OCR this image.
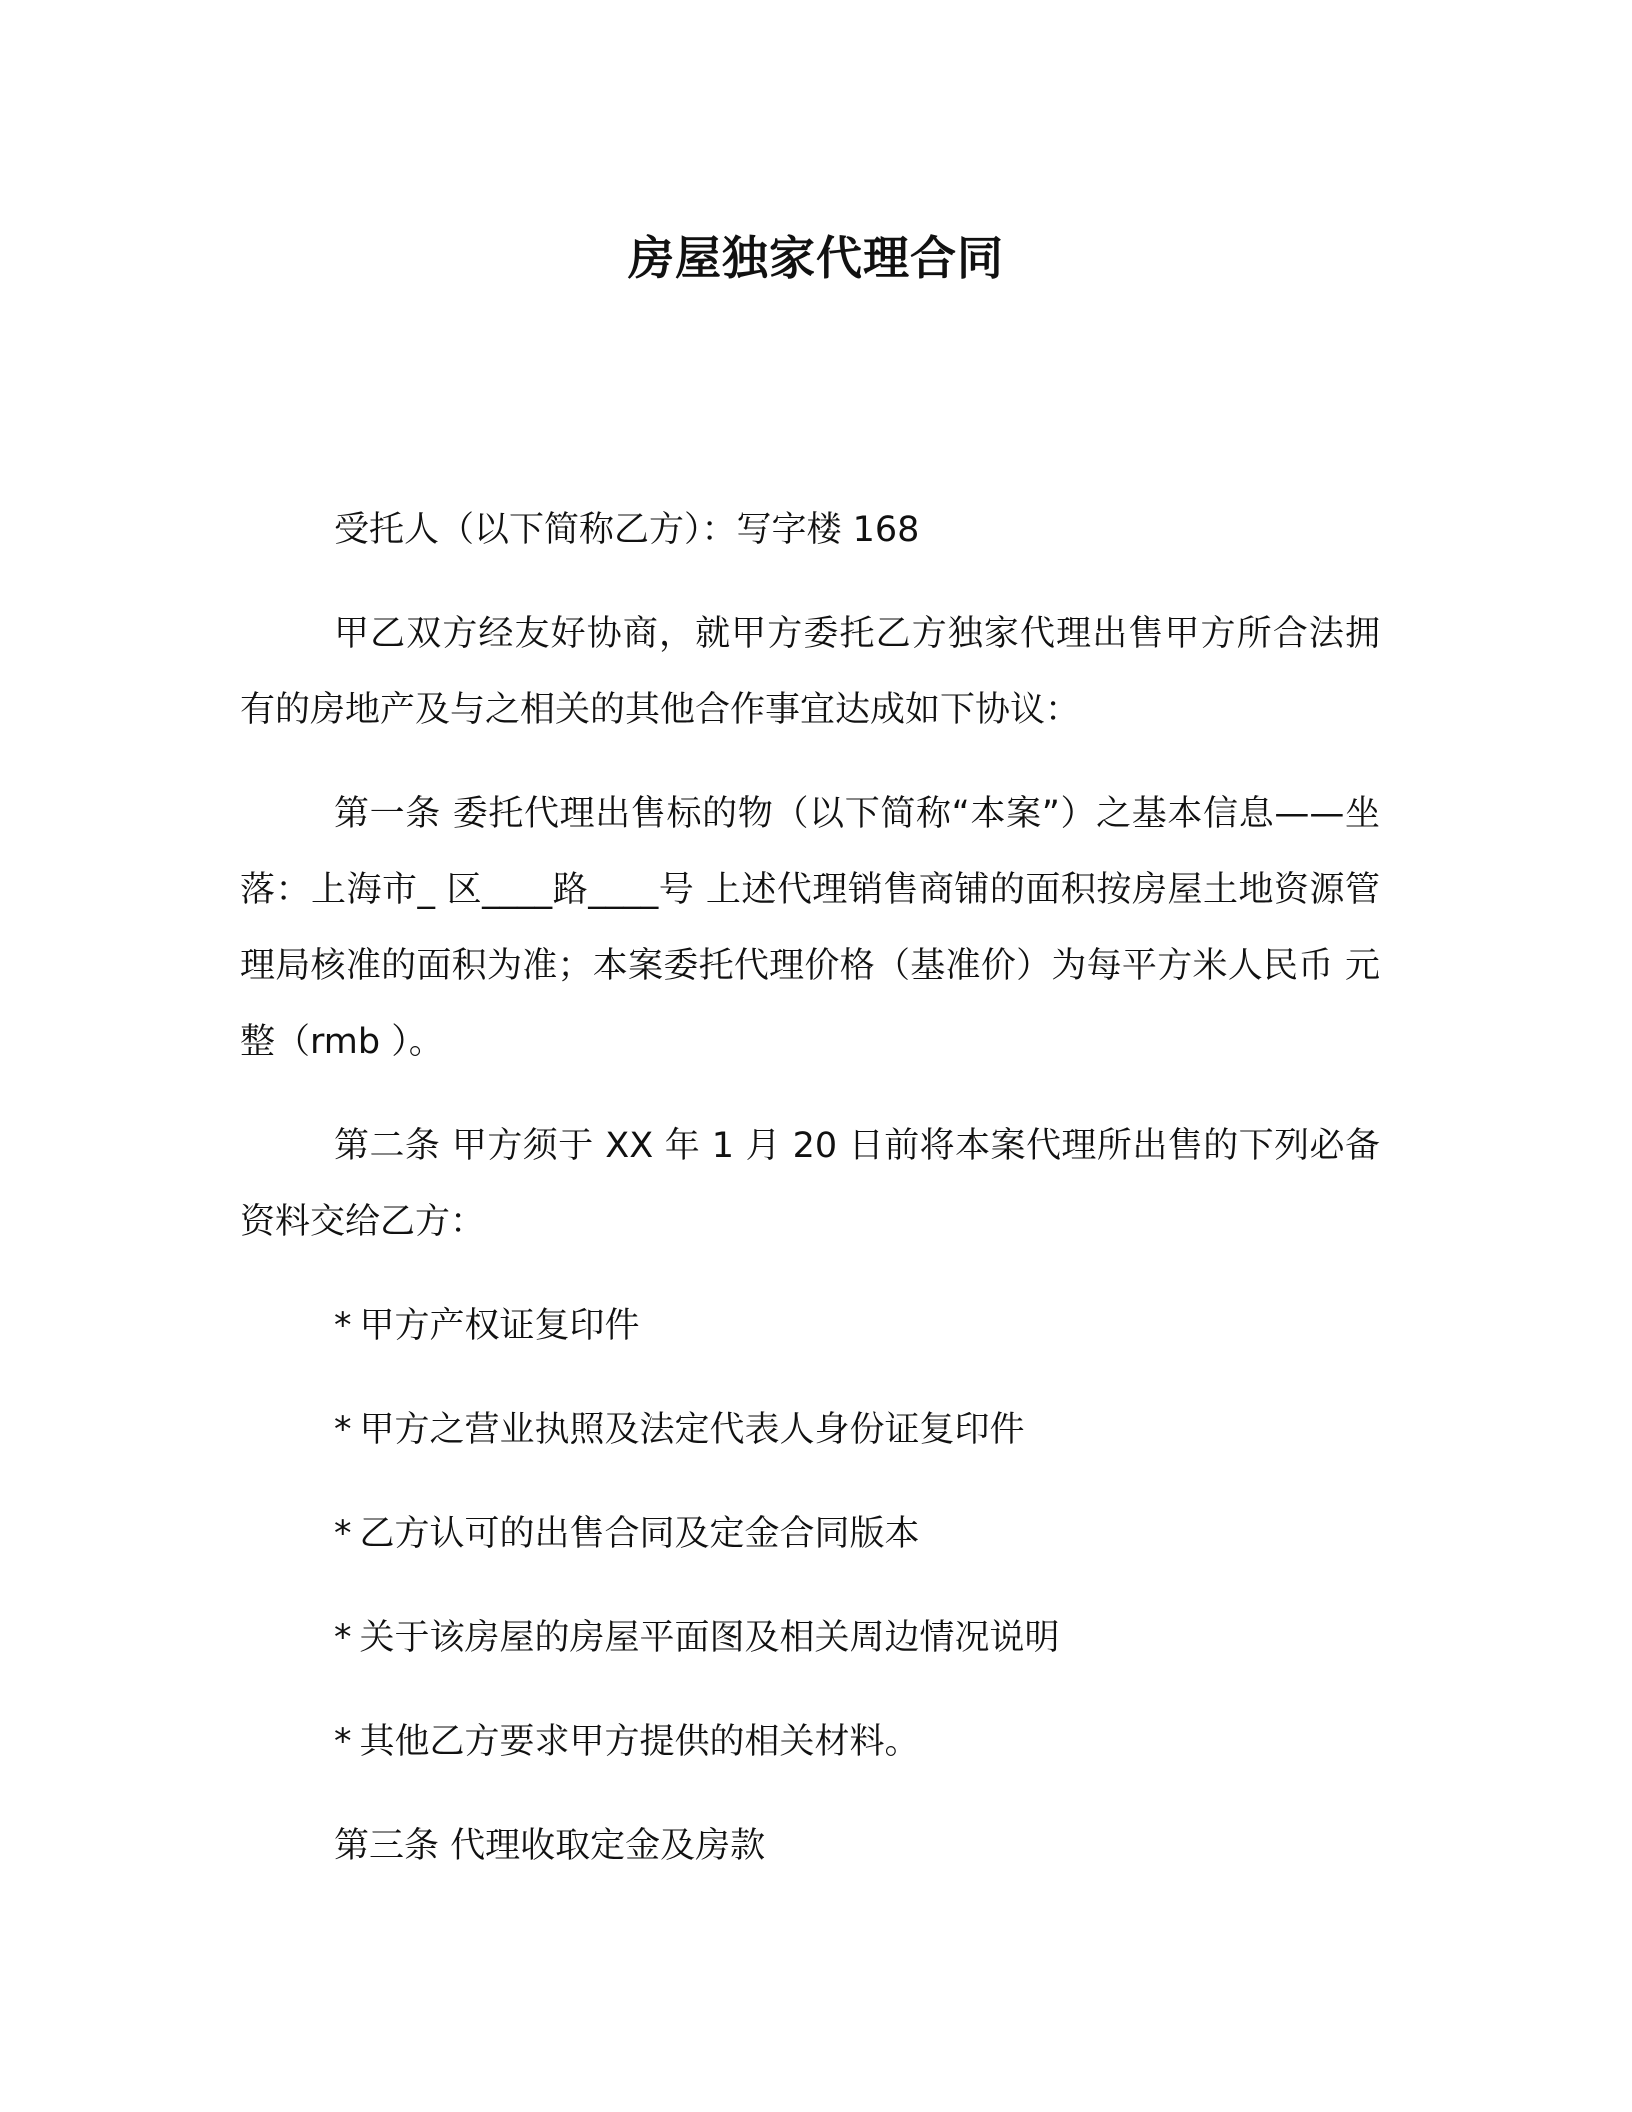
房屋独家代理合同

受托人（以下简称乙方）：写字楼 168

甲乙双方经友好协商，就甲方委托乙方独家代理出售甲方所合法拥有的房地产及与之相关的其他合作事宜达成如下协议：

第一条 委托代理出售标的物（以下简称“本案”）之基本信息——坐落：上海市_ 区____路____号 上述代理销售商铺的面积按房屋土地资源管理局核准的面积为准；本案委托代理价格（基准价）为每平方米人民币 元整（rmb ）。

第二条 甲方须于 XX 年 1 月 20 日前将本案代理所出售的下列必备资料交给乙方：

* 甲方产权证复印件
* 甲方之营业执照及法定代表人身份证复印件
* 乙方认可的出售合同及定金合同版本
* 关于该房屋的房屋平面图及相关周边情况说明
* 其他乙方要求甲方提供的相关材料。

第三条 代理收取定金及房款
